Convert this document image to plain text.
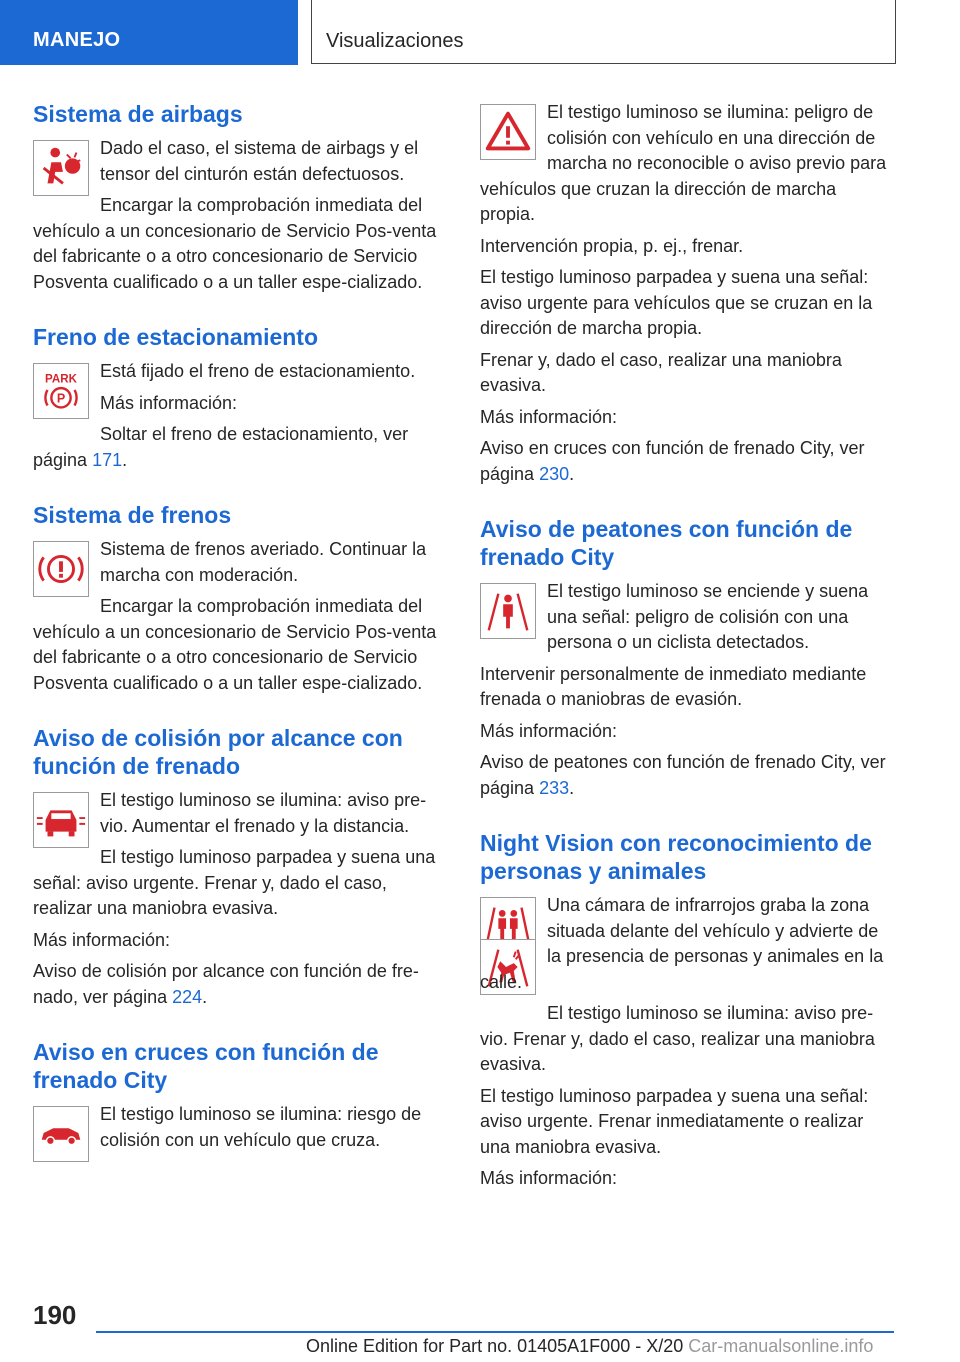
MANEJO	Visualizaciones
Sistema de airbags

Dado el caso, el sistema de airbags y el tensor del cinturón están defectuosos.

Encargar la comprobación inmediata del vehículo a un concesionario de Servicio Pos-venta del fabricante o a otro concesionario de Servicio Posventa cualificado o a un taller espe-cializado.

Freno de estacionamiento
PARK
P

Está fijado el freno de estacionamiento.

Más información:

Soltar el freno de estacionamiento, ver página 171.

Sistema de frenos

Sistema de frenos averiado. Continuar la marcha con moderación.

Encargar la comprobación inmediata del vehículo a un concesionario de Servicio Pos-venta del fabricante o a otro concesionario de Servicio Posventa cualificado o a un taller espe-cializado.

Aviso de colisión por alcance con función de frenado

El testigo luminoso se ilumina: aviso pre-vio. Aumentar el frenado y la distancia.

El testigo luminoso parpadea y suena una señal: aviso urgente. Frenar y, dado el caso, realizar una maniobra evasiva.

Más información:

Aviso de colisión por alcance con función de fre-nado, ver página 224.

Aviso en cruces con función de frenado City

El testigo luminoso se ilumina: riesgo de colisión con un vehículo que cruza.

El testigo luminoso se ilumina: peligro de colisión con vehículo en una dirección de marcha no reconocible o aviso previo para vehículos que cruzan la dirección de marcha propia.

Intervención propia, p. ej., frenar.

El testigo luminoso parpadea y suena una señal: aviso urgente para vehículos que se cruzan en la dirección de marcha propia.

Frenar y, dado el caso, realizar una maniobra evasiva.

Más información:

Aviso en cruces con función de frenado City, ver página 230.

Aviso de peatones con función de frenado City

El testigo luminoso se enciende y suena una señal: peligro de colisión con una persona o un ciclista detectados.

Intervenir personalmente de inmediato mediante frenada o maniobras de evasión.

Más información:

Aviso de peatones con función de frenado City, ver página 233.

Night Vision con reconocimiento de personas y animales

Una cámara de infrarrojos graba la zona situada delante del vehículo y advierte de la presencia de personas y animales en la calle.

El testigo luminoso se ilumina: aviso pre-vio. Frenar y, dado el caso, realizar una maniobra evasiva.

El testigo luminoso parpadea y suena una señal: aviso urgente. Frenar inmediatamente o realizar una maniobra evasiva.

Más información:

190
Online Edition for Part no. 01405A1F000 - X/20 Car-manualsonline.info
